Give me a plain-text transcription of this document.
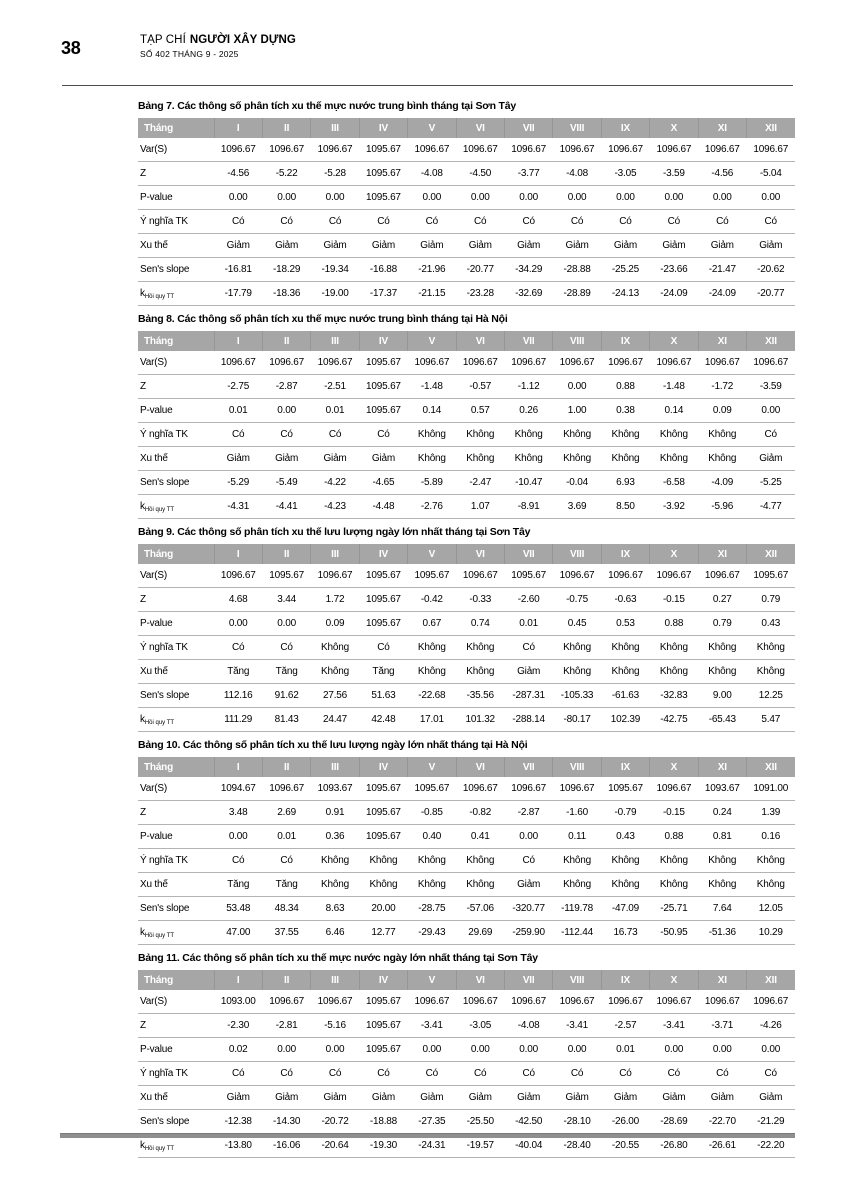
38	TẠP CHÍ NGƯỜI XÂY DỰNG
SỐ 402 THÁNG 9 - 2025
Bảng 7. Các thông số phân tích xu thế mực nước trung bình tháng tại Sơn Tây
Tháng	I	II	III	IV	V	VI	VII	VIII	IX	X	XI	XII
Var(S)	1096.67	1096.67	1096.67	1095.67	1096.67	1096.67	1096.67	1096.67	1096.67	1096.67	1096.67	1096.67
Z	-4.56	-5.22	-5.28	1095.67	-4.08	-4.50	-3.77	-4.08	-3.05	-3.59	-4.56	-5.04
P-value	0.00	0.00	0.00	1095.67	0.00	0.00	0.00	0.00	0.00	0.00	0.00	0.00
Ý nghĩa TK	Có	Có	Có	Có	Có	Có	Có	Có	Có	Có	Có	Có
Xu thế	Giảm	Giảm	Giảm	Giảm	Giảm	Giảm	Giảm	Giảm	Giảm	Giảm	Giảm	Giảm
Sen's slope	-16.81	-18.29	-19.34	-16.88	-21.96	-20.77	-34.29	-28.88	-25.25	-23.66	-21.47	-20.62
$k_{Hồi quy TT}$	-17.79	-18.36	-19.00	-17.37	-21.15	-23.28	-32.69	-28.89	-24.13	-24.09	-24.09	-20.77
Bảng 8. Các thông số phân tích xu thế mực nước trung bình tháng tại Hà Nội
Tháng	I	II	III	IV	V	VI	VII	VIII	IX	X	XI	XII
Var(S)	1096.67	1096.67	1096.67	1095.67	1096.67	1096.67	1096.67	1096.67	1096.67	1096.67	1096.67	1096.67
Z	-2.75	-2.87	-2.51	1095.67	-1.48	-0.57	-1.12	0.00	0.88	-1.48	-1.72	-3.59
P-value	0.01	0.00	0.01	1095.67	0.14	0.57	0.26	1.00	0.38	0.14	0.09	0.00
Ý nghĩa TK	Có	Có	Có	Có	Không	Không	Không	Không	Không	Không	Không	Có
Xu thế	Giảm	Giảm	Giảm	Giảm	Không	Không	Không	Không	Không	Không	Không	Giảm
Sen's slope	-5.29	-5.49	-4.22	-4.65	-5.89	-2.47	-10.47	-0.04	6.93	-6.58	-4.09	-5.25
$k_{Hồi quy TT}$	-4.31	-4.41	-4.23	-4.48	-2.76	1.07	-8.91	3.69	8.50	-3.92	-5.96	-4.77
Bảng 9. Các thông số phân tích xu thế lưu lượng ngày lớn nhất tháng tại Sơn Tây
Tháng	I	II	III	IV	V	VI	VII	VIII	IX	X	XI	XII
Var(S)	1096.67	1095.67	1096.67	1095.67	1095.67	1096.67	1095.67	1096.67	1096.67	1096.67	1096.67	1095.67
Z	4.68	3.44	1.72	1095.67	-0.42	-0.33	-2.60	-0.75	-0.63	-0.15	0.27	0.79
P-value	0.00	0.00	0.09	1095.67	0.67	0.74	0.01	0.45	0.53	0.88	0.79	0.43
Ý nghĩa TK	Có	Có	Không	Có	Không	Không	Có	Không	Không	Không	Không	Không
Xu thế	Tăng	Tăng	Không	Tăng	Không	Không	Giảm	Không	Không	Không	Không	Không
Sen's slope	112.16	91.62	27.56	51.63	-22.68	-35.56	-287.31	-105.33	-61.63	-32.83	9.00	12.25
$k_{Hồi quy TT}$	111.29	81.43	24.47	42.48	17.01	101.32	-288.14	-80.17	102.39	-42.75	-65.43	5.47
Bảng 10. Các thông số phân tích xu thế lưu lượng ngày lớn nhất tháng tại Hà Nội
Tháng	I	II	III	IV	V	VI	VII	VIII	IX	X	XI	XII
Var(S)	1094.67	1096.67	1093.67	1095.67	1095.67	1096.67	1096.67	1096.67	1095.67	1096.67	1093.67	1091.00
Z	3.48	2.69	0.91	1095.67	-0.85	-0.82	-2.87	-1.60	-0.79	-0.15	0.24	1.39
P-value	0.00	0.01	0.36	1095.67	0.40	0.41	0.00	0.11	0.43	0.88	0.81	0.16
Ý nghĩa TK	Có	Có	Không	Không	Không	Không	Có	Không	Không	Không	Không	Không
Xu thế	Tăng	Tăng	Không	Không	Không	Không	Giảm	Không	Không	Không	Không	Không
Sen's slope	53.48	48.34	8.63	20.00	-28.75	-57.06	-320.77	-119.78	-47.09	-25.71	7.64	12.05
$k_{Hồi quy TT}$	47.00	37.55	6.46	12.77	-29.43	29.69	-259.90	-112.44	16.73	-50.95	-51.36	10.29
Bảng 11. Các thông số phân tích xu thế mực nước ngày lớn nhất tháng tại Sơn Tây
Tháng	I	II	III	IV	V	VI	VII	VIII	IX	X	XI	XII
Var(S)	1093.00	1096.67	1096.67	1095.67	1096.67	1096.67	1096.67	1096.67	1096.67	1096.67	1096.67	1096.67
Z	-2.30	-2.81	-5.16	1095.67	-3.41	-3.05	-4.08	-3.41	-2.57	-3.41	-3.71	-4.26
P-value	0.02	0.00	0.00	1095.67	0.00	0.00	0.00	0.00	0.01	0.00	0.00	0.00
Ý nghĩa TK	Có	Có	Có	Có	Có	Có	Có	Có	Có	Có	Có	Có
Xu thế	Giảm	Giảm	Giảm	Giảm	Giảm	Giảm	Giảm	Giảm	Giảm	Giảm	Giảm	Giảm
Sen's slope	-12.38	-14.30	-20.72	-18.88	-27.35	-25.50	-42.50	-28.10	-26.00	-28.69	-22.70	-21.29
$k_{Hồi quy TT}$	-13.80	-16.06	-20.64	-19.30	-24.31	-19.57	-40.04	-28.40	-20.55	-26.80	-26.61	-22.20
